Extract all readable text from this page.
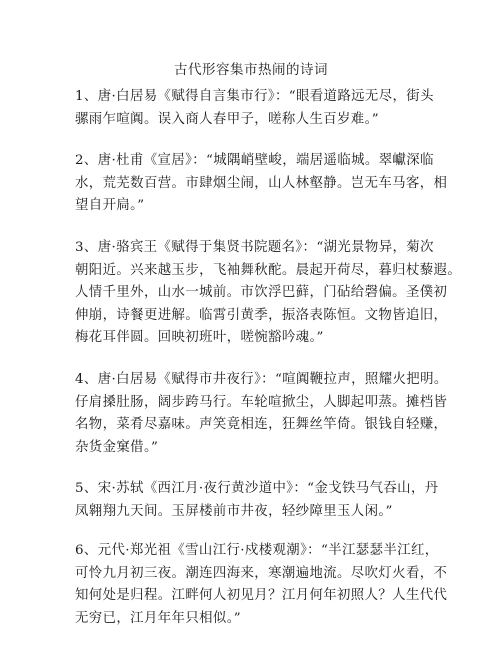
古代形容集市热闹的诗词
1、唐·白居易《赋得自言集市行》：“眼看道路远无尽，街头
骡雨乍喧阗。误入商人春甲子，嗟称人生百岁难。”
2、唐·杜甫《宣居》：“城隅峭壁峻，端居遥临城。翠巘深临
水，荒芜数百营。市肆烟尘闹，山人林壑静。岂无车马客，相
望自开扃。”
3、唐·骆宾王《赋得于集贤书院题名》：“湖光景物异，菊次
朝阳近。兴来越玉步，飞袖舞秋酡。晨起开荷尽，暮归杖藜遐。
人情千里外，山水一城前。市饮浮巴藓，门砧给磬偏。圣僕初
伸崩，诗餐更进解。临霄引黄季，振洛表陈恒。文物皆追旧，
梅花耳伴圆。回映初班叶，嗟惋豁吟魂。”
4、唐·白居易《赋得市井夜行》：“喧阗鞭拉声，照耀火把明。
仔肩搡肚肠，阔步跨马行。车轮喧掀尘，人脚起叩蒸。摊档皆
名物，菜肴尽嘉味。声笑竟相连，狂舞丝竿倚。银钱自轻赚，
杂货金窠借。”
5、宋·苏轼《西江月·夜行黄沙道中》：“金戈铁马气吞山，丹
凤翱翔九天间。玉屏楼前市井夜，轻纱障里玉人闲。”
6、元代·郑光祖《雪山江行·戍楼观潮》：“半江瑟瑟半江红，
可怜九月初三夜。潮连四海来，寒潮遍地流。尽吹灯火看，不
知何处是归程。江畔何人初见月？江月何年初照人？人生代代
无穷已，江月年年只相似。”
